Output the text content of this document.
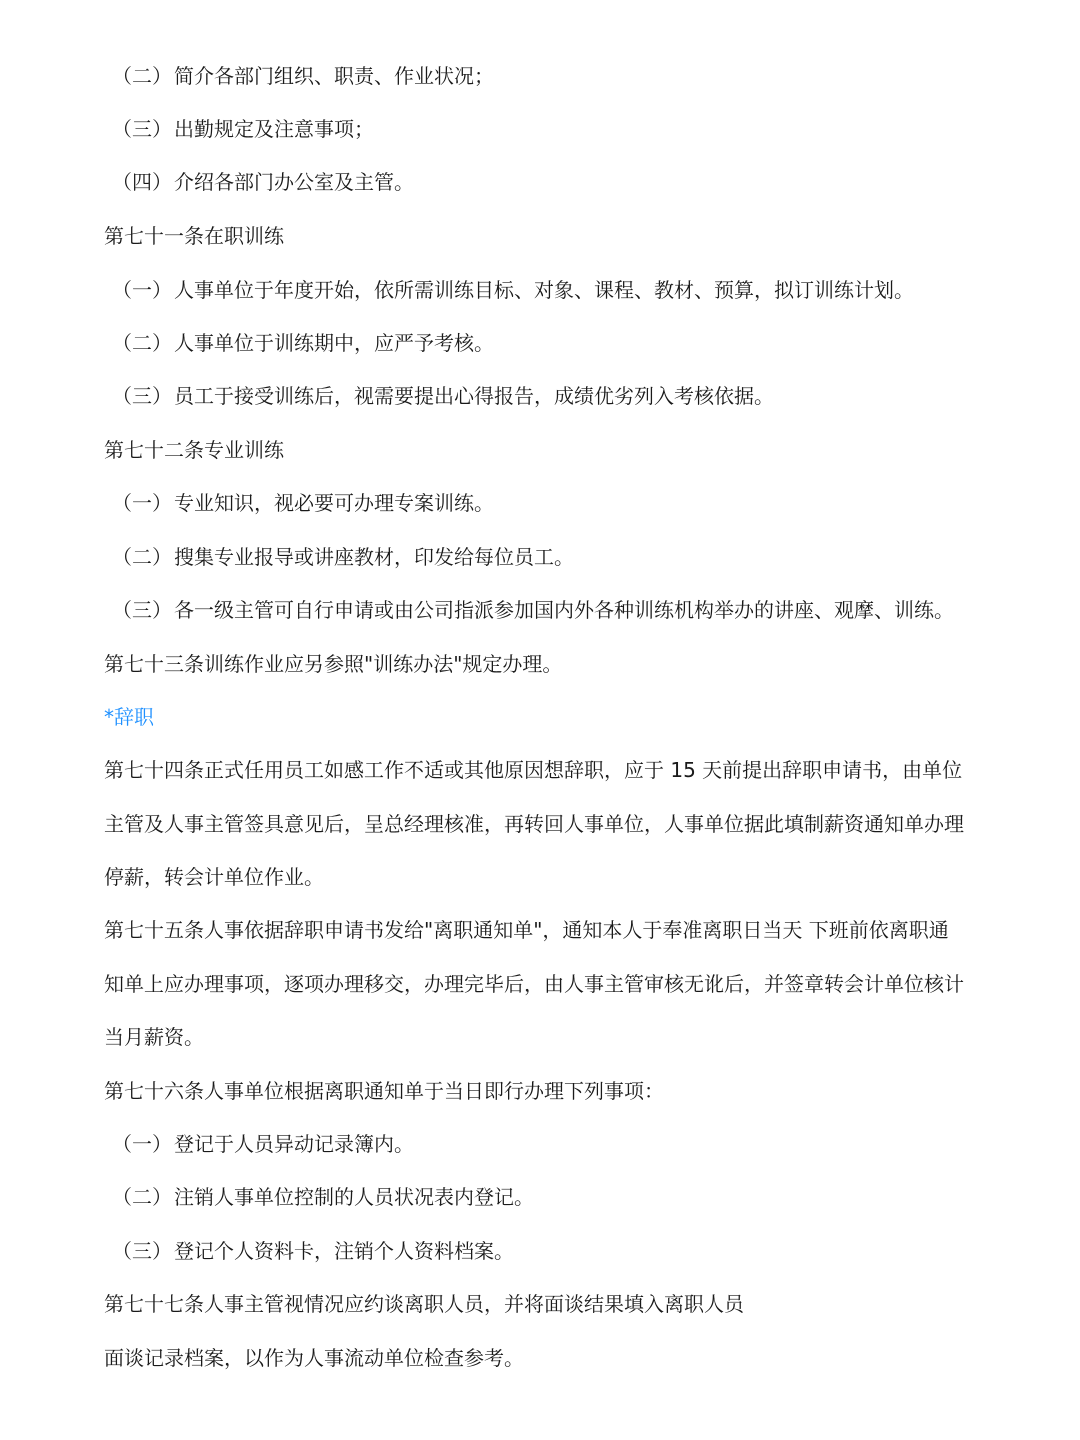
（二） 简介各部门组织、职责、作业状况；
（三） 出勤规定及注意事项；
（四） 介绍各部门办公室及主管。
第七十一条在职训练
（一） 人事单位于年度开始，依所需训练目标、对象、课程、教材、预算，拟订训练计划。
（二） 人事单位于训练期中，应严予考核。
（三） 员工于接受训练后，视需要提出心得报告，成绩优劣列入考核依据。
第七十二条专业训练
（一） 专业知识，视必要可办理专案训练。
（二） 搜集专业报导或讲座教材，印发给每位员工。
（三） 各一级主管可自行申请或由公司指派参加国内外各种训练机构举办的讲座、观摩、训练。
第七十三条训练作业应另参照"训练办法"规定办理。
*辞职
第七十四条正式任用员工如感工作不适或其他原因想辞职，应于 15 天前提出辞职申请书，由单位
主管及人事主管签具意见后，呈总经理核准，再转回人事单位，人事单位据此填制薪资通知单办理
停薪，转会计单位作业。
第七十五条人事依据辞职申请书发给"离职通知单"，通知本人于奉准离职日当天 下班前依离职通
知单上应办理事项，逐项办理移交，办理完毕后，由人事主管审核无讹后，并签章转会计单位核计
当月薪资。
第七十六条人事单位根据离职通知单于当日即行办理下列事项：
（一） 登记于人员异动记录簿内。
（二） 注销人事单位控制的人员状况表内登记。
（三） 登记个人资料卡，注销个人资料档案。
第七十七条人事主管视情况应约谈离职人员，并将面谈结果填入离职人员
面谈记录档案，以作为人事流动单位检查参考。
